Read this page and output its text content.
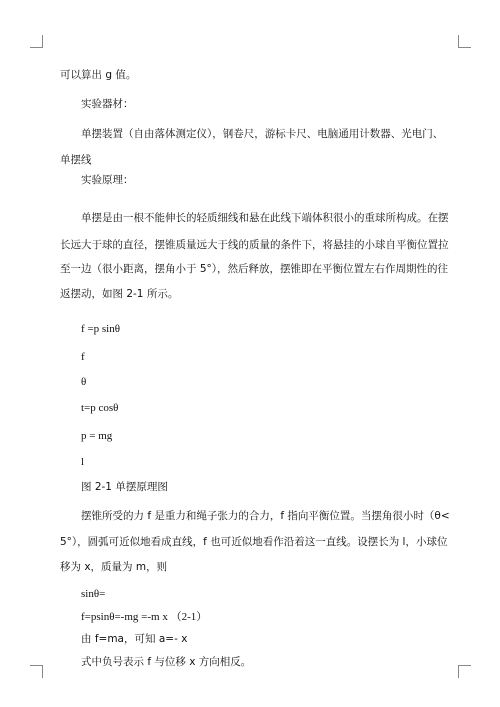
可以算出 g 值。

实验器材：

单摆装置（自由落体测定仪），钢卷尺，游标卡尺、电脑通用计数器、光电门、

单摆线

实验原理：

单摆是由一根不能伸长的轻质细线和悬在此线下端体积很小的重球所构成。在摆

长远大于球的直径，摆锥质量远大于线的质量的条件下，将悬挂的小球自平衡位置拉

至一边（很小距离，摆角小于 5°），然后释放，摆锥即在平衡位置左右作周期性的往

返摆动，如图 2-1 所示。

f =p sinθ

f

θ

t=p cosθ

p = mg

l

图 2-1 单摆原理图

摆锥所受的力 f 是重力和绳子张力的合力，f 指向平衡位置。当摆角很小时（θ<

5°），圆弧可近似地看成直线，f 也可近似地看作沿着这一直线。设摆长为 l，小球位

移为 x，质量为 m，则

sinθ=

f=psinθ=-mg =-m x （2-1）

由 f=ma，可知 a=- x

式中负号表示 f 与位移 x 方向相反。
